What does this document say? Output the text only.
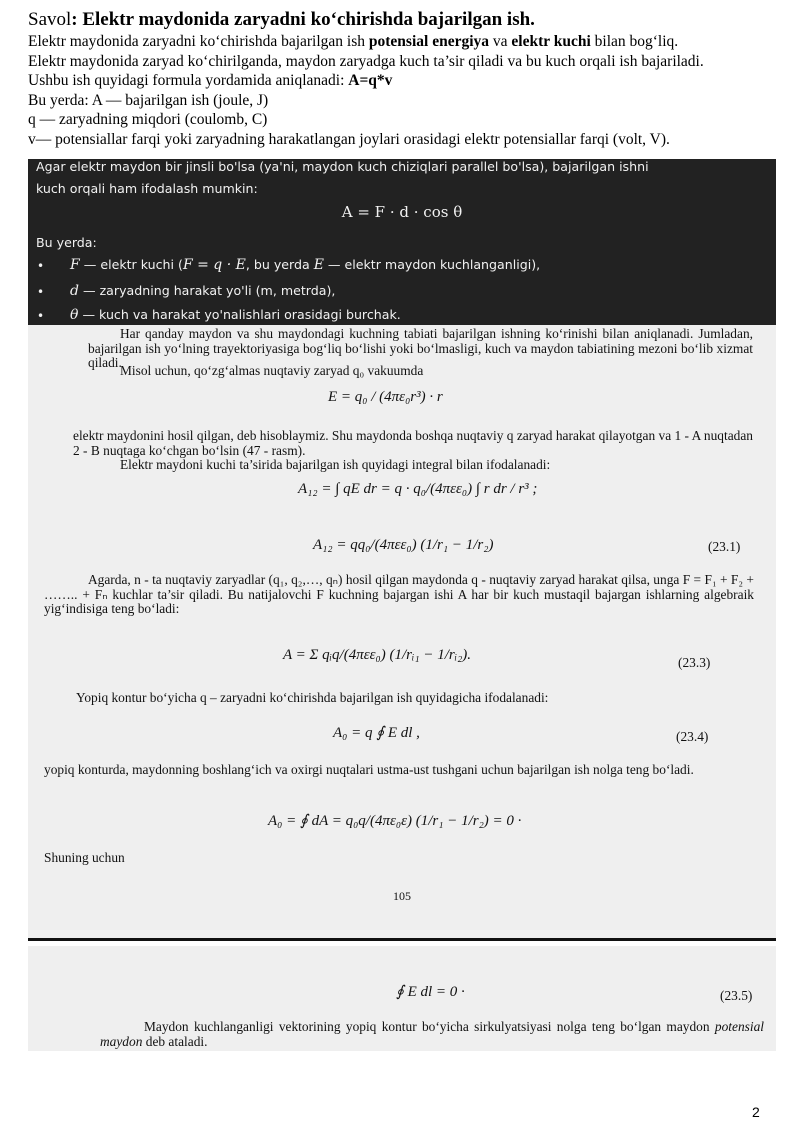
Savol: Elektr maydonida zaryadni ko‘chirishda bajarilgan ish.
Elektr maydonida zaryadni ko‘chirishda bajarilgan ish potensial energiya va elektr kuchi bilan bog‘liq.
Elektr maydonida zaryad ko‘chirilganda, maydon zaryadga kuch ta’sir qiladi va bu kuch orqali ish bajariladi.
Ushbu ish quyidagi formula yordamida aniqlanadi: A=q*v
Bu yerda: A — bajarilgan ish (joule, J)
q — zaryadning miqdori (coulomb, C)
v— potensiallar farqi yoki zaryadning harakatlangan joylari orasidagi elektr potensiallar farqi (volt, V).
Agar elektr maydon bir jinsli bo'lsa (ya'ni, maydon kuch chiziqlari parallel bo'lsa), bajarilgan ishni
kuch orqali ham ifodalash mumkin:
A = F · d · cos θ
Bu yerda:
• F — elektr kuchi (F = q · E, bu yerda E — elektr maydon kuchlanganligi),
• d — zaryadning harakat yo'li (m, metrda),
• θ — kuch va harakat yo'nalishlari orasidagi burchak.
Har qanday maydon va shu maydondagi kuchning tabiati bajarilgan ishning ko‘rinishi bilan aniqlanadi. Jumladan, bajarilgan ish yo‘lning trayektoriyasiga bog‘liq bo‘lishi yoki bo‘lmasligi, kuch va maydon tabiatining mezoni bo‘lib xizmat qiladi.
Misol uchun, qo‘zg‘almas nuqtaviy zaryad q₀ vakuumda
E = q₀ / (4πε₀r³) · r
elektr maydonini hosil qilgan, deb hisoblaymiz. Shu maydonda boshqa nuqtaviy q zaryad harakat qilayotgan va 1 - A nuqtadan 2 - B nuqtaga ko‘chgan bo‘lsin (47 - rasm).
Elektr maydoni kuchi ta’sirida bajarilgan ish quyidagi integral bilan ifodalanadi:
A₁₂ = ∫ qE dr = q · q₀/(4πεε₀) ∫ r dr / r³ ;
A₁₂ = qq₀/(4πεε₀) (1/r₁ − 1/r₂)	(23.1)
Agarda, n - ta nuqtaviy zaryadlar (q₁, q₂,…, qₙ) hosil qilgan maydonda q - nuqtaviy zaryad harakat qilsa, unga F = F₁ + F₂ + …….. + Fₙ kuchlar ta’sir qiladi. Bu natijalovchi F kuchning bajargan ishi A har bir kuch mustaqil bajargan ishlarning algebraik yig‘indisiga teng bo‘ladi:
A = Σ qᵢq/(4πεε₀) (1/rᵢ₁ − 1/rᵢ₂).	(23.3)
Yopiq kontur bo‘yicha q – zaryadni ko‘chirishda bajarilgan ish quyidagicha ifodalanadi:
A₀ = q ∮ E dl ,	(23.4)
yopiq konturda, maydonning boshlang‘ich va oxirgi nuqtalari ustma-ust tushgani uchun bajarilgan ish nolga teng bo‘ladi.
A₀ = ∮ dA = q₀q/(4πε₀ε) (1/r₁ − 1/r₂) = 0 ·
Shuning uchun
105
∮ E dl = 0 ·	(23.5)
Maydon kuchlanganligi vektorining yopiq kontur bo‘yicha sirkulyatsiyasi nolga teng bo‘lgan maydon potensial maydon deb ataladi.
2
